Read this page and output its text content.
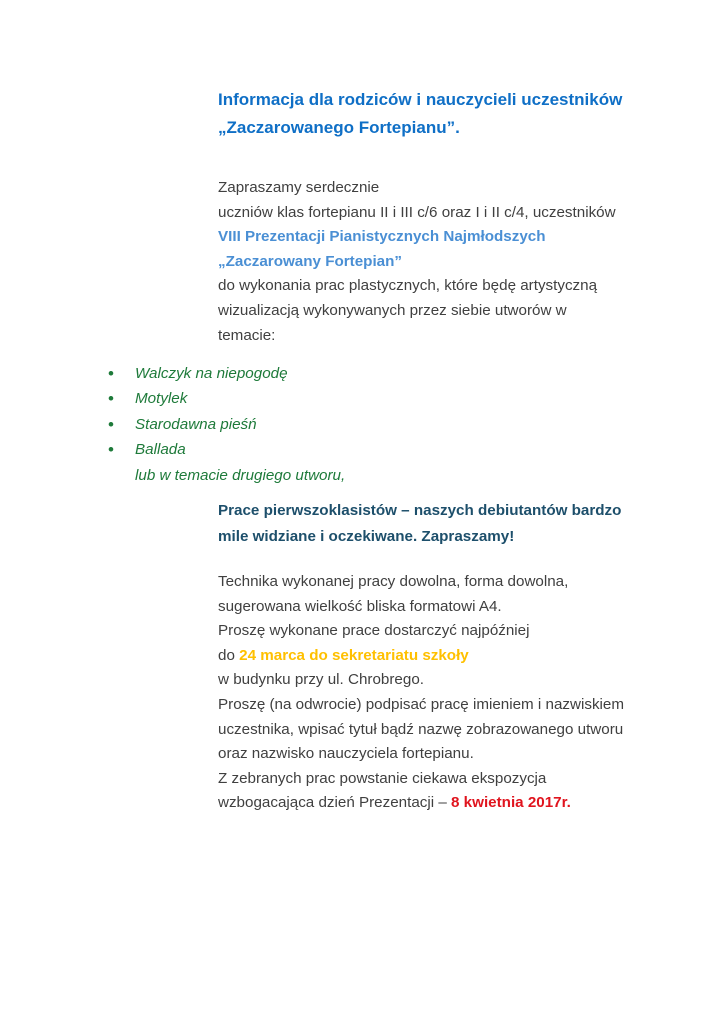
Informacja dla rodziców i nauczycieli uczestników
„Zaczarowanego Fortepianu”.
Zapraszamy serdecznie
uczniów klas fortepianu II i III c/6 oraz I i II c/4, uczestników
VIII Prezentacji Pianistycznych Najmłodszych
„Zaczarowany Fortepian”
do wykonania prac plastycznych, które będę artystyczną
wizualizacją wykonywanych przez siebie utworów w
temacie:
• Walczyk na niepogodę
• Motylek
• Starodawna pieśń
• Ballada
lub w temacie drugiego utworu,
Prace pierwszoklasistów – naszych debiutantów bardzo
mile widziane i oczekiwane. Zapraszamy!
Technika wykonanej pracy dowolna, forma dowolna,
sugerowana wielkość bliska formatowi A4.
Proszę wykonane prace dostarczyć najpóźniej
do 24 marca do sekretariatu szkoły
w budynku przy ul. Chrobrego.
Proszę (na odwrocie) podpisać pracę imieniem i nazwiskiem
uczestnika, wpisać tytuł bądź nazwę zobrazowanego utworu
oraz nazwisko nauczyciela fortepianu.
Z zebranych prac powstanie ciekawa ekspozycja
wzbogacająca dzień Prezentacji – 8 kwietnia 2017r.
